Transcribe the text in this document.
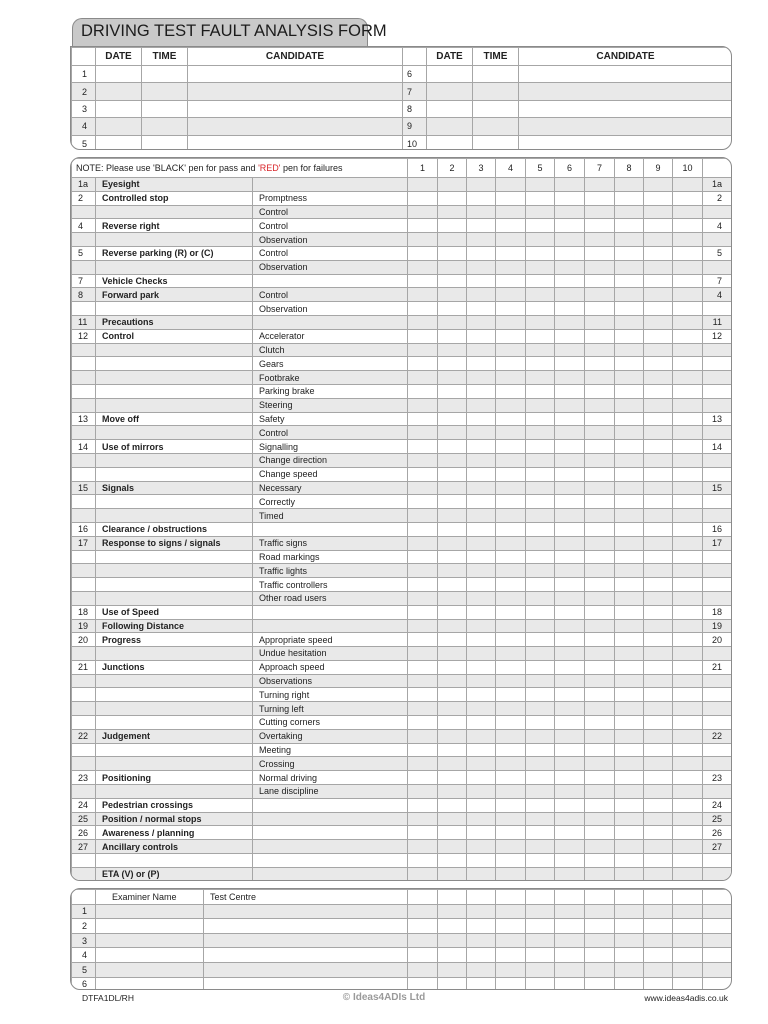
DRIVING TEST FAULT ANALYSIS FORM
	DATE	TIME	CANDIDATE		DATE	TIME	CANDIDATE
1				6			
2				7			
3				8			
4				9			
5				10			
NOTE: Please use 'BLACK' pen for pass and 'RED' pen for failures			1	2	3	4	5	6	7	8	9	10	
1a	Eyesight												1a
2	Controlled stop	Promptness											2
		Control											
4	Reverse right	Control											4
		Observation											
5	Reverse parking (R) or (C)	Control											5
		Observation											
7	Vehicle Checks												7
8	Forward park	Control											4
		Observation											
11	Precautions												11
12	Control	Accelerator											12
		Clutch											
		Gears											
		Footbrake											
		Parking brake											
		Steering											
13	Move off	Safety											13
		Control											
14	Use of mirrors	Signalling											14
		Change direction											
		Change speed											
15	Signals	Necessary											15
		Correctly											
		Timed											
16	Clearance / obstructions												16
17	Response to signs / signals	Traffic signs											17
		Road markings											
		Traffic lights											
		Traffic controllers											
		Other road users											
18	Use of Speed												18
19	Following Distance												19
20	Progress	Appropriate speed											20
		Undue hesitation											
21	Junctions	Approach speed											21
		Observations											
		Turning right											
		Turning left											
		Cutting corners											
22	Judgement	Overtaking											22
		Meeting											
		Crossing											
23	Positioning	Normal driving											23
		Lane discipline											
24	Pedestrian crossings												24
25	Position / normal stops												25
26	Awareness / planning												26
27	Ancillary controls												27

	ETA (V) or (P)												
	Examiner Name	Test Centre											
1													
2													
3													
4													
5													
6													
DTFA1DL/RH	© Ideas4ADIs Ltd	www.ideas4adis.co.uk
